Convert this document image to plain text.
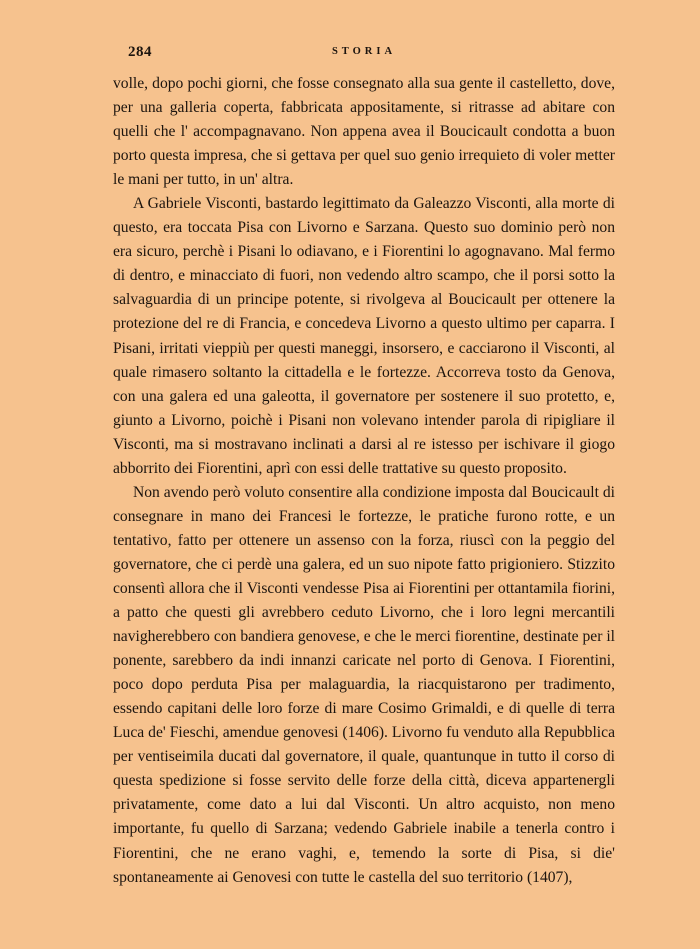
284	STORIA

volle, dopo pochi giorni, che fosse consegnato alla sua gente il castelletto, dove, per una galleria coperta, fabbricata appositamente, si ritrasse ad abitare con quelli che l' accompagnavano. Non appena avea il Boucicault condotta a buon porto questa impresa, che si gettava per quel suo genio irrequieto di voler metter le mani per tutto, in un' altra.

A Gabriele Visconti, bastardo legittimato da Galeazzo Visconti, alla morte di questo, era toccata Pisa con Livorno e Sarzana. Questo suo dominio però non era sicuro, perchè i Pisani lo odiavano, e i Fiorentini lo agognavano. Mal fermo di dentro, e minacciato di fuori, non vedendo altro scampo, che il porsi sotto la salvaguardia di un principe potente, si rivolgeva al Boucicault per ottenere la protezione del re di Francia, e concedeva Livorno a questo ultimo per caparra. I Pisani, irritati vieppiù per questi maneggi, insorsero, e cacciarono il Visconti, al quale rimasero soltanto la cittadella e le fortezze. Accorreva tosto da Genova, con una galera ed una galeotta, il governatore per sostenere il suo protetto, e, giunto a Livorno, poichè i Pisani non volevano intender parola di ripigliare il Visconti, ma si mostravano inclinati a darsi al re istesso per ischivare il giogo abborrito dei Fiorentini, aprì con essi delle trattative su questo proposito.

Non avendo però voluto consentire alla condizione imposta dal Boucicault di consegnare in mano dei Francesi le fortezze, le pratiche furono rotte, e un tentativo, fatto per ottenere un assenso con la forza, riuscì con la peggio del governatore, che ci perdè una galera, ed un suo nipote fatto prigioniero. Stizzito consentì allora che il Visconti vendesse Pisa ai Fiorentini per ottantamila fiorini, a patto che questi gli avrebbero ceduto Livorno, che i loro legni mercantili navigherebbero con bandiera genovese, e che le merci fiorentine, destinate per il ponente, sarebbero da indi innanzi caricate nel porto di Genova. I Fiorentini, poco dopo perduta Pisa per malaguardia, la riacquistarono per tradimento, essendo capitani delle loro forze di mare Cosimo Grimaldi, e di quelle di terra Luca de' Fieschi, amendue genovesi (1406). Livorno fu venduto alla Repubblica per ventiseimila ducati dal governatore, il quale, quantunque in tutto il corso di questa spedizione si fosse servito delle forze della città, diceva appartenergli privatamente, come dato a lui dal Visconti. Un altro acquisto, non meno importante, fu quello di Sarzana; vedendo Gabriele inabile a tenerla contro i Fiorentini, che ne erano vaghi, e, temendo la sorte di Pisa, si die' spontaneamente ai Genovesi con tutte le castella del suo territorio (1407),
